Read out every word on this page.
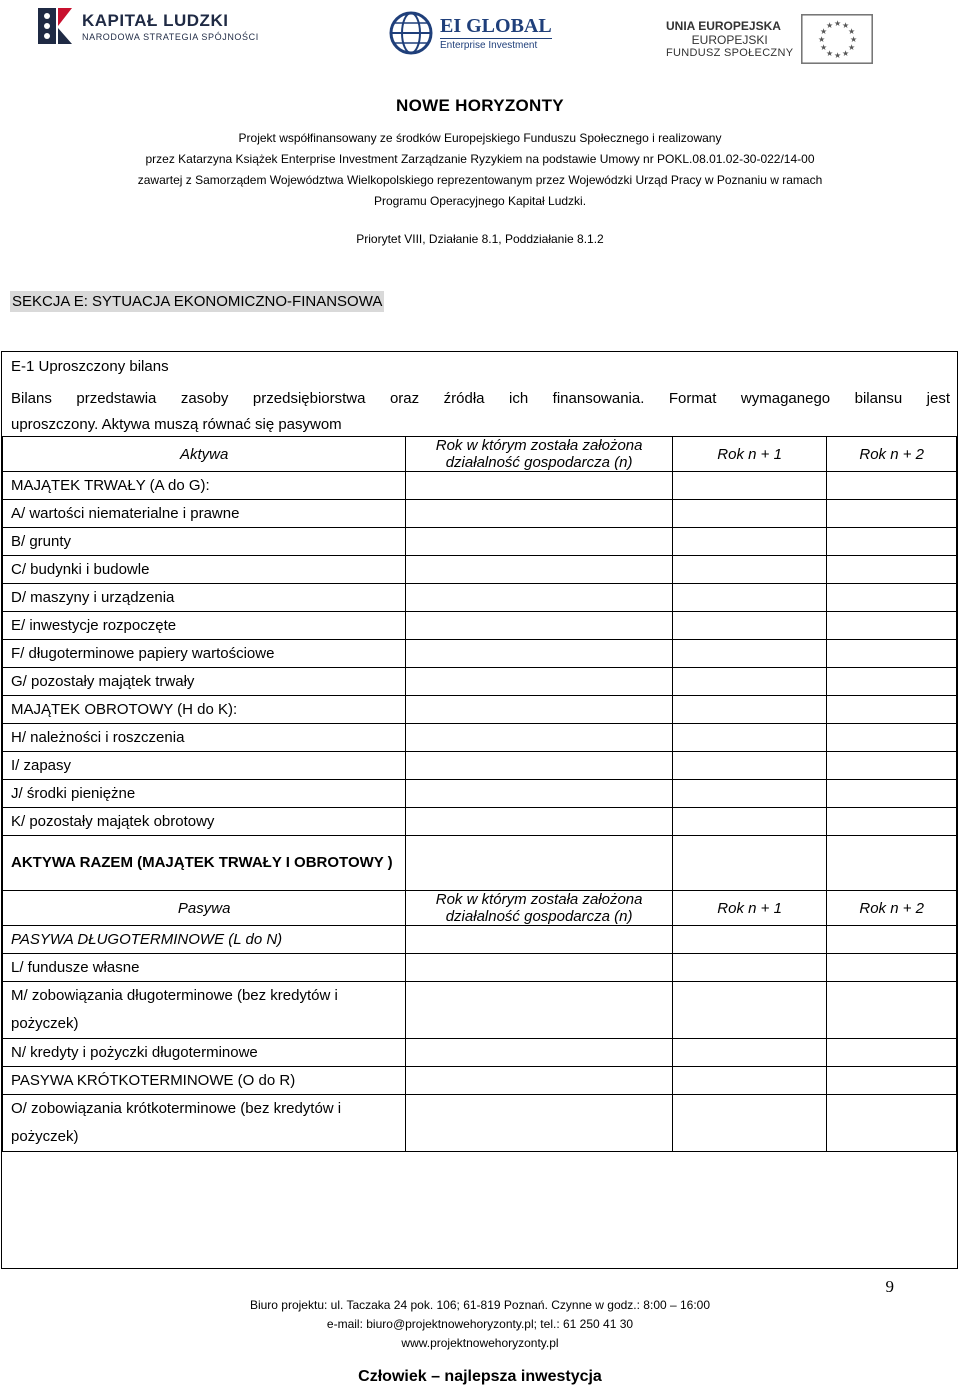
KAPITAŁ LUDZKI
NARODOWA STRATEGIA SPÓJNOŚCI	EI GLOBAL
Enterprise Investment
UNIA EUROPEJSKA
EUROPEJSKI
FUNDUSZ SPOŁECZNY
★ ★
★
★
★
★
★
★
★
★
★
★
NOWE HORYZONTY
Projekt współfinansowany ze środków Europejskiego Funduszu Społecznego i realizowany
przez Katarzyna Książek Enterprise Investment Zarządzanie Ryzykiem na podstawie Umowy nr POKL.08.01.02-30-022/14-00
zawartej z Samorządem Województwa Wielkopolskiego reprezentowanym przez Wojewódzki Urząd Pracy w Poznaniu w ramach
Programu Operacyjnego Kapitał Ludzki.
Priorytet VIII, Działanie 8.1, Poddziałanie 8.1.2
SEKCJA E: SYTUACJA EKONOMICZNO-FINANSOWA
E-1 Uproszczony bilans
Bilans przedstawia zasoby przedsiębiorstwa oraz źródła ich finansowania. Format wymaganego bilansu jest
uproszczony. Aktywa muszą równać się pasywom
Aktywa	Rok w którym została założona działalność gospodarcza (n)	Rok n + 1	Rok n + 2
MAJĄTEK TRWAŁY (A do G):			
A/ wartości niematerialne i prawne			
B/ grunty			
C/ budynki i budowle			
D/ maszyny i urządzenia			
E/ inwestycje rozpoczęte			
F/ długoterminowe papiery wartościowe			
G/ pozostały majątek trwały			
MAJĄTEK OBROTOWY (H do K):			
H/ należności i roszczenia			
I/ zapasy			
J/ środki pieniężne			
K/ pozostały majątek obrotowy			
AKTYWA RAZEM (MAJĄTEK TRWAŁY I OBROTOWY )			
Pasywa	Rok w którym została założona działalność gospodarcza (n)	Rok n + 1	Rok n + 2
PASYWA DŁUGOTERMINOWE (L do N)			
L/ fundusze własne			
M/ zobowiązania długoterminowe (bez kredytów i pożyczek)			
N/ kredyty i pożyczki długoterminowe			
PASYWA KRÓTKOTERMINOWE (O do R)			
O/ zobowiązania krótkoterminowe (bez kredytów i pożyczek)			
9
Biuro projektu: ul. Taczaka 24 pok. 106; 61-819 Poznań. Czynne w godz.: 8:00 – 16:00
e-mail: biuro@projektnowehoryzonty.pl; tel.: 61 250 41 30
www.projektnowehoryzonty.pl
Człowiek – najlepsza inwestycja
